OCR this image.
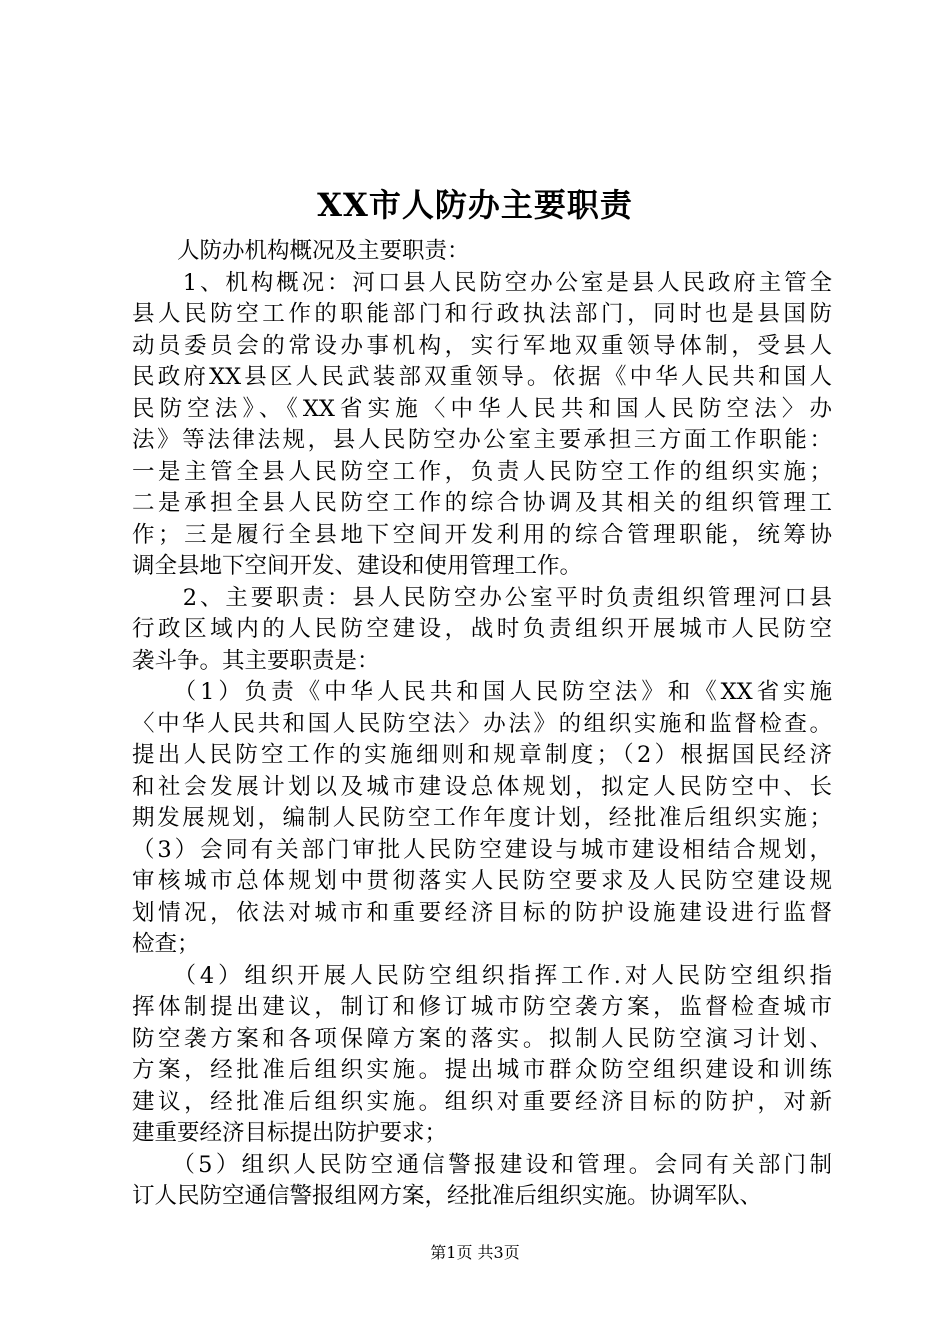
XX市人防办主要职责
　　人防办机构概况及主要职责：
　　1、机构概况：河口县人民防空办公室是县人民政府主管全
县人民防空工作的职能部门和行政执法部门，同时也是县国防
动员委员会的常设办事机构，实行军地双重领导体制，受县人
民政府XX县区人民武装部双重领导。依据《中华人民共和国人
民防空法》、《XX省实施〈中华人民共和国人民防空法〉办
法》等法律法规，县人民防空办公室主要承担三方面工作职能：
一是主管全县人民防空工作，负责人民防空工作的组织实施；
二是承担全县人民防空工作的综合协调及其相关的组织管理工
作；三是履行全县地下空间开发利用的综合管理职能，统筹协
调全县地下空间开发、建设和使用管理工作。
　　2、主要职责：县人民防空办公室平时负责组织管理河口县
行政区域内的人民防空建设，战时负责组织开展城市人民防空
袭斗争。其主要职责是：
　　（1）负责《中华人民共和国人民防空法》和《XX省实施
〈中华人民共和国人民防空法〉办法》的组织实施和监督检查。
提出人民防空工作的实施细则和规章制度；（2）根据国民经济
和社会发展计划以及城市建设总体规划，拟定人民防空中、长
期发展规划，编制人民防空工作年度计划，经批准后组织实施；
（3）会同有关部门审批人民防空建设与城市建设相结合规划，
审核城市总体规划中贯彻落实人民防空要求及人民防空建设规
划情况，依法对城市和重要经济目标的防护设施建设进行监督
检查；
　　（4）组织开展人民防空组织指挥工作.对人民防空组织指
挥体制提出建议，制订和修订城市防空袭方案，监督检查城市
防空袭方案和各项保障方案的落实。拟制人民防空演习计划、
方案，经批准后组织实施。提出城市群众防空组织建设和训练
建议，经批准后组织实施。组织对重要经济目标的防护，对新
建重要经济目标提出防护要求；
　　（5）组织人民防空通信警报建设和管理。会同有关部门制
订人民防空通信警报组网方案，经批准后组织实施。协调军队、
第1页 共3页
